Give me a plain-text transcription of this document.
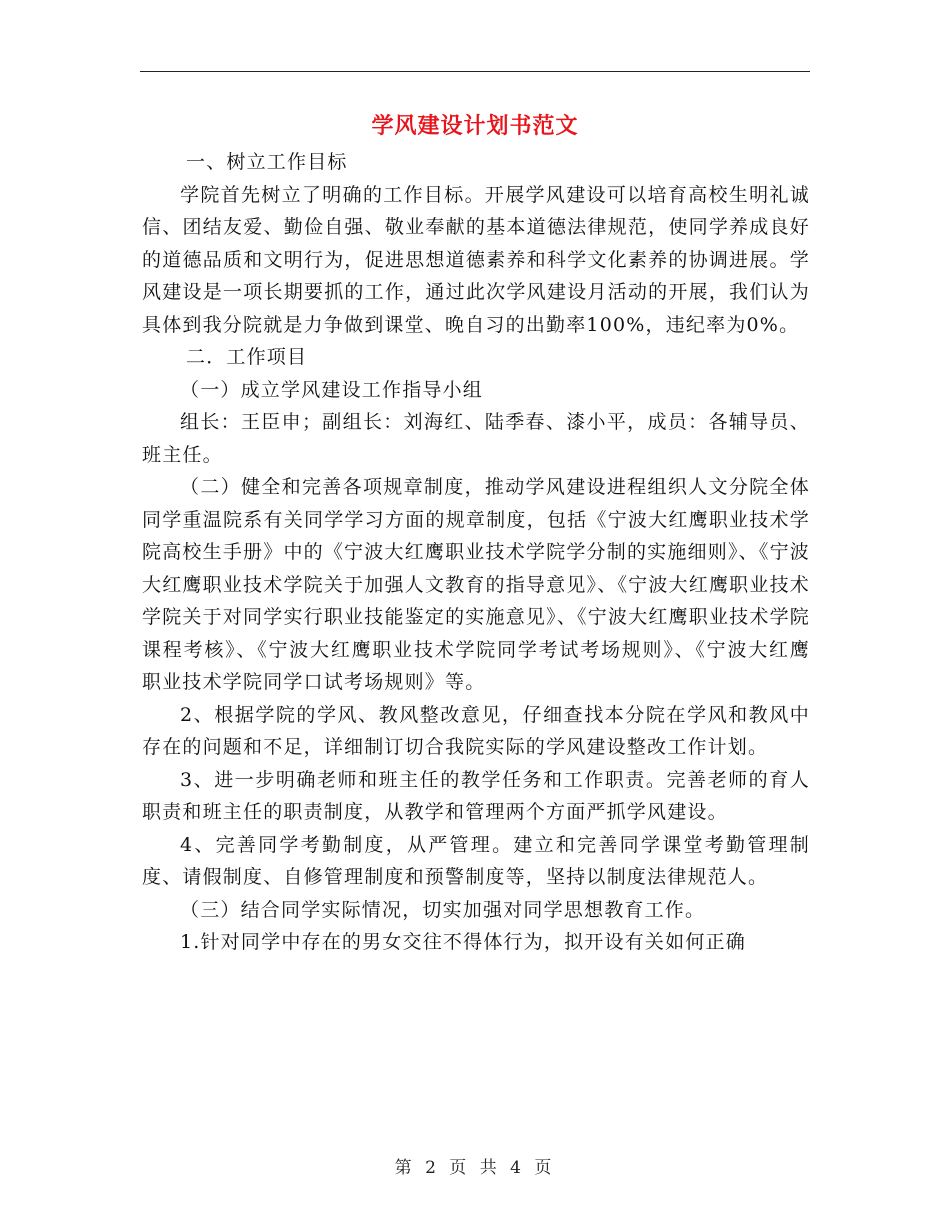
学风建设计划书范文

一、树立工作目标

学院首先树立了明确的工作目标。开展学风建设可以培育高校生明礼诚信、团结友爱、勤俭自强、敬业奉献的基本道德法律规范，使同学养成良好的道德品质和文明行为，促进思想道德素养和科学文化素养的协调进展。学风建设是一项长期要抓的工作，通过此次学风建设月活动的开展，我们认为具体到我分院就是力争做到课堂、晚自习的出勤率100%，违纪率为0%。

二．工作项目

（一）成立学风建设工作指导小组

组长：王臣申；副组长：刘海红、陆季春、漆小平，成员：各辅导员、班主任。

（二）健全和完善各项规章制度，推动学风建设进程组织人文分院全体同学重温院系有关同学学习方面的规章制度，包括《宁波大红鹰职业技术学院高校生手册》中的《宁波大红鹰职业技术学院学分制的实施细则》、《宁波大红鹰职业技术学院关于加强人文教育的指导意见》、《宁波大红鹰职业技术学院关于对同学实行职业技能鉴定的实施意见》、《宁波大红鹰职业技术学院课程考核》、《宁波大红鹰职业技术学院同学考试考场规则》、《宁波大红鹰职业技术学院同学口试考场规则》等。

2、根据学院的学风、教风整改意见，仔细查找本分院在学风和教风中存在的问题和不足，详细制订切合我院实际的学风建设整改工作计划。

3、进一步明确老师和班主任的教学任务和工作职责。完善老师的育人职责和班主任的职责制度，从教学和管理两个方面严抓学风建设。

4、完善同学考勤制度，从严管理。建立和完善同学课堂考勤管理制度、请假制度、自修管理制度和预警制度等，坚持以制度法律规范人。

（三）结合同学实际情况，切实加强对同学思想教育工作。

1.针对同学中存在的男女交往不得体行为，拟开设有关如何正确

第 2 页 共 4 页
